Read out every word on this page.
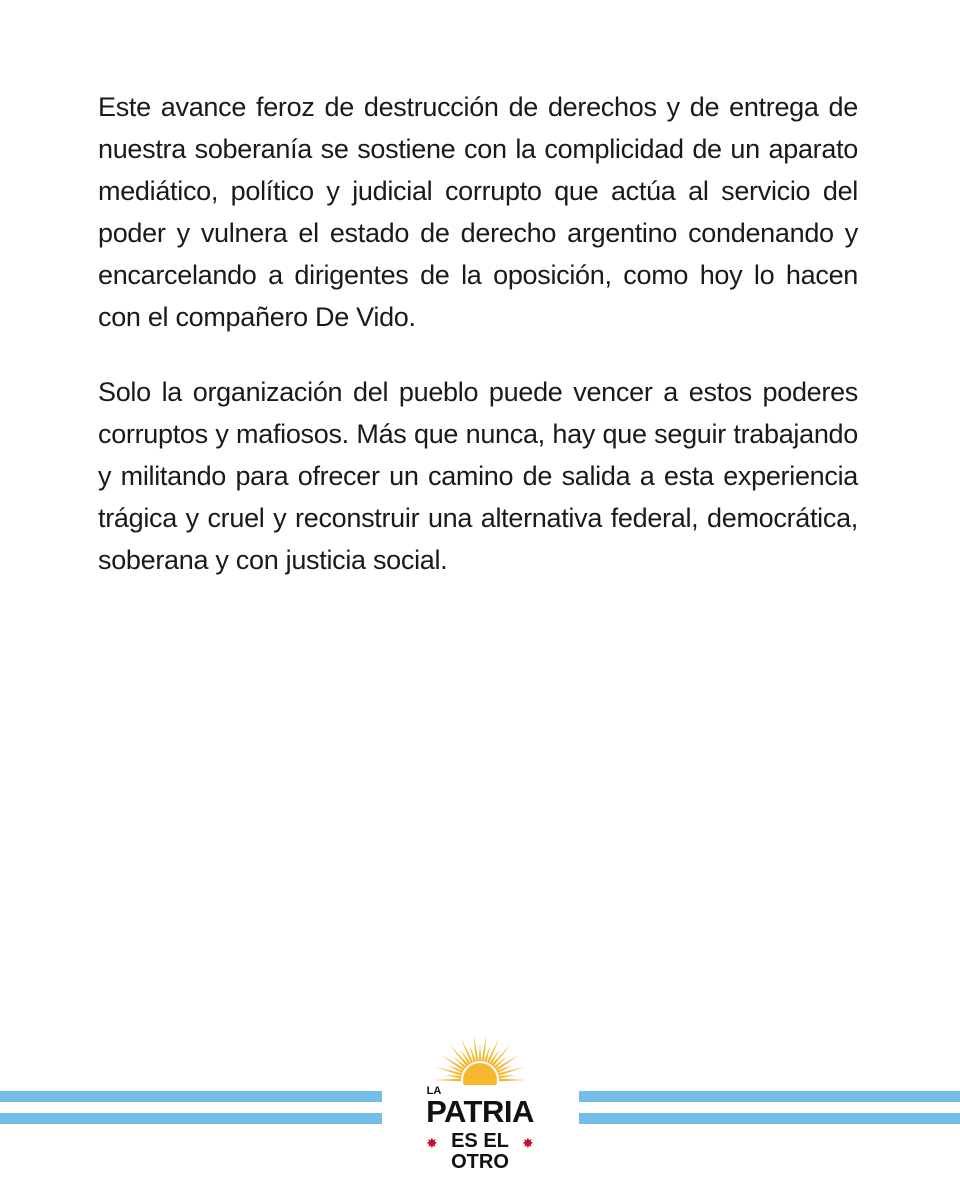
Este avance feroz de destrucción de derechos y de entrega de nuestra soberanía se sostiene con la complicidad de un aparato mediático, político y judicial corrupto que actúa al servicio del poder y vulnera el estado de derecho argentino condenando y encarcelando a dirigentes de la oposición, como hoy lo hacen con el compañero De Vido.

Solo la organización del pueblo puede vencer a estos poderes corruptos y mafiosos. Más que nunca, hay que seguir trabajando y militando para ofrecer un camino de salida a esta experiencia trágica y cruel y reconstruir una alternativa federal, democrática, soberana y con justicia social.

LA
PATRIA
✸ ES EL ✸
OTRO
